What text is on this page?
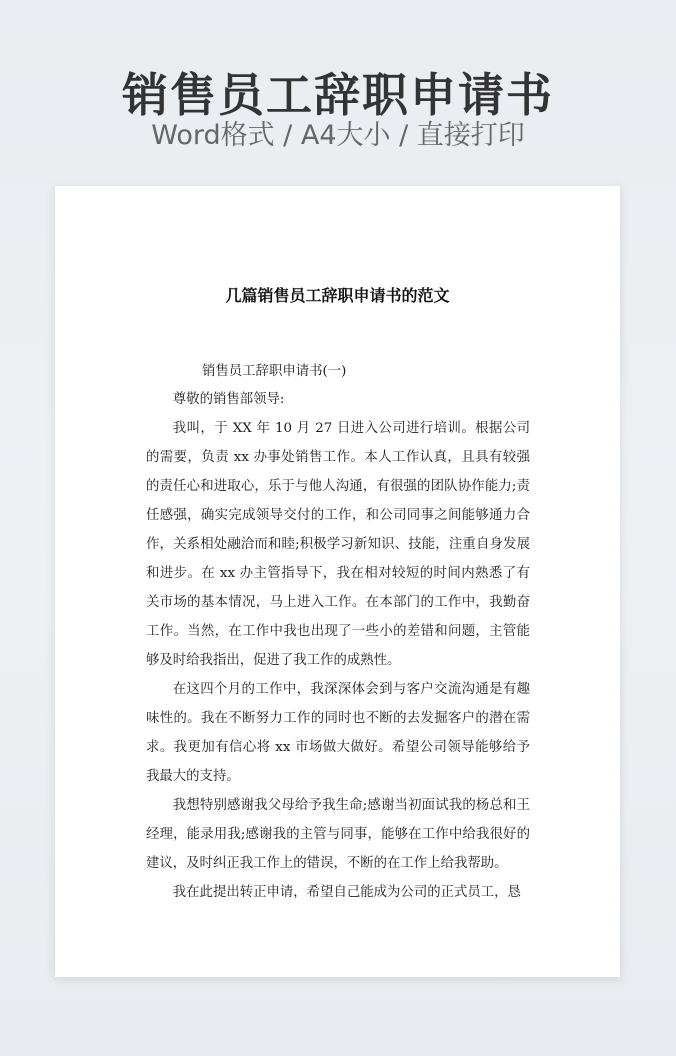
销售员工辞职申请书
Word格式 / A4大小 / 直接打印
几篇销售员工辞职申请书的范文

销售员工辞职申请书(一)

尊敬的销售部领导:

我叫，于 XX 年 10 月 27 日进入公司进行培训。根据公司的需要，负责 xx 办事处销售工作。本人工作认真，且具有较强的责任心和进取心，乐于与他人沟通，有很强的团队协作能力;责任感强，确实完成领导交付的工作，和公司同事之间能够通力合作，关系相处融洽而和睦;积极学习新知识、技能，注重自身发展和进步。在 xx 办主管指导下，我在相对较短的时间内熟悉了有关市场的基本情况，马上进入工作。在本部门的工作中，我勤奋工作。当然，在工作中我也出现了一些小的差错和问题，主管能够及时给我指出，促进了我工作的成熟性。

在这四个月的工作中，我深深体会到与客户交流沟通是有趣味性的。我在不断努力工作的同时也不断的去发掘客户的潜在需求。我更加有信心将 xx 市场做大做好。希望公司领导能够给予我最大的支持。

我想特别感谢我父母给予我生命;感谢当初面试我的杨总和王经理，能录用我;感谢我的主管与同事，能够在工作中给我很好的建议，及时纠正我工作上的错误，不断的在工作上给我帮助。

我在此提出转正申请，希望自己能成为公司的正式员工，恳
